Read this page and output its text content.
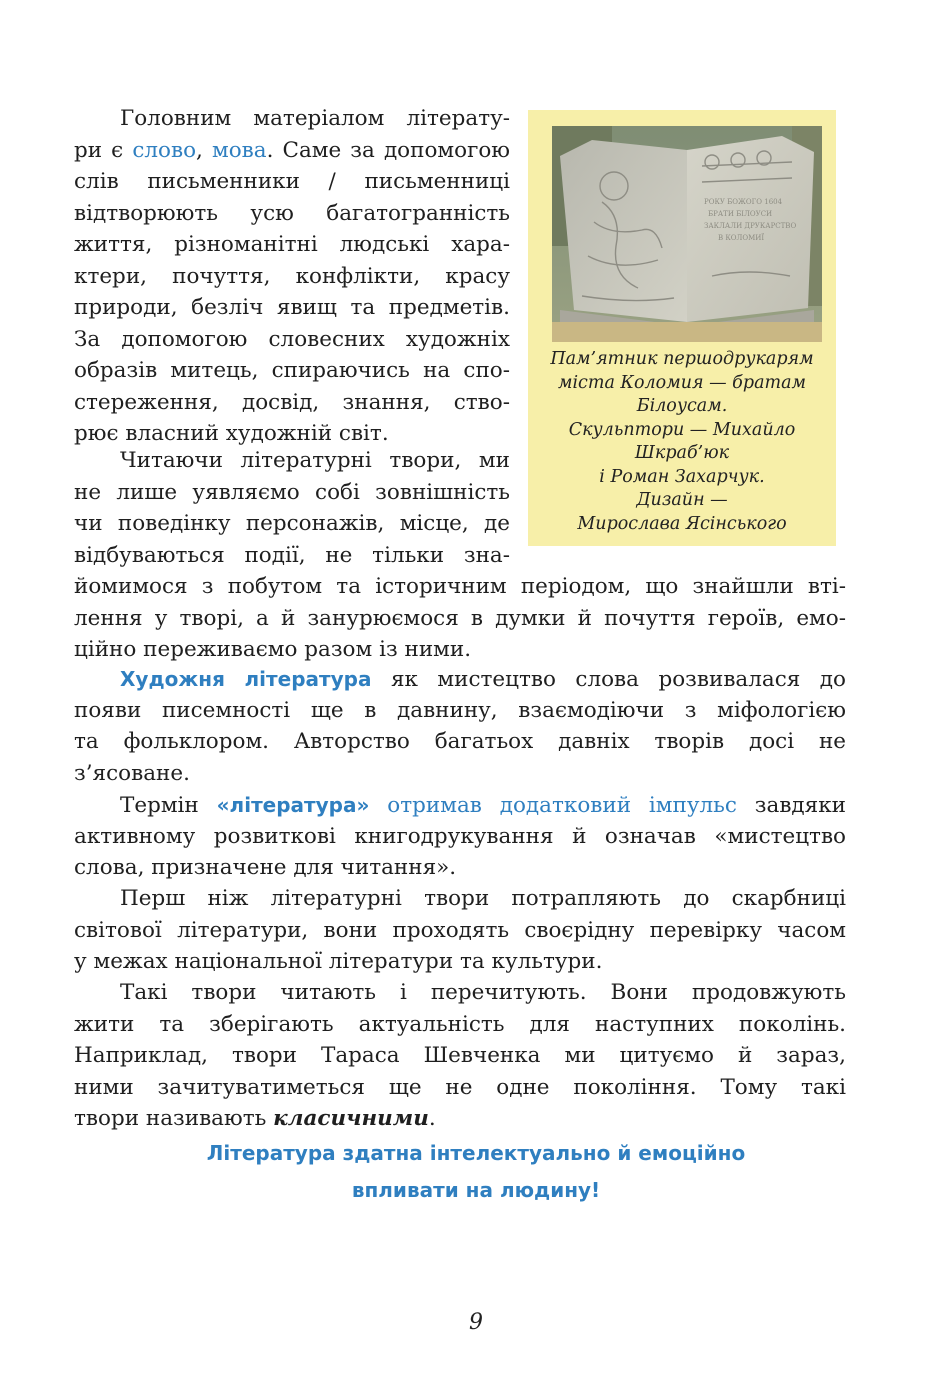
Головним матеріалом літерату-
ри є слово, мова. Саме за допомогою
слів письменники / письменниці
відтворюють усю багатогранність
життя, різноманітні людські хара-
ктери, почуття, конфлікти, красу
природи, безліч явищ та предметів.
За допомогою словесних художніх
образів митець, спираючись на спо-
стереження, досвід, знання, ство-
рює власний художній світ.
Читаючи літературні твори, ми
не лише уявляємо собі зовнішність
чи поведінку персонажів, місце, де
відбуваються події, не тільки зна-
йомимося з побутом та історичним періодом, що знайшли вті-
лення у творі, а й занурюємося в думки й почуття героїв, емо-
ційно переживаємо разом із ними.
Художня література як мистецтво слова розвивалася до
появи писемності ще в давнину, взаємодіючи з міфологією
та фольклором. Авторство багатьох давніх творів досі не
з’ясоване.
Термін «література» отримав додатковий імпульс завдяки
активному розвиткові книгодрукування й означав «мистецтво
слова, призначене для читання».
Перш ніж літературні твори потрапляють до скарбниці
світової літератури, вони проходять своєрідну перевірку часом
у межах національної літератури та культури.
Такі твори читають і перечитують. Вони продовжують
жити та зберігають актуальність для наступних поколінь.
Наприклад, твори Тараса Шевченка ми цитуємо й зараз,
ними зачитуватиметься ще не одне покоління. Тому такі
твори називають класичними.
РОКУ БОЖОГО 1604
БРАТИ БІЛОУСИ
ЗАКЛАЛИ ДРУКАРСТВО
В КОЛОМИЇ
Пам’ятник першодрукарям
міста Коломия — братам
Білоусам.
Скульптори — Михайло
Шкраб’юк
і Роман Захарчук.
Дизайн —
Мирослава Ясінського
Література здатна інтелектуально й емоційно
впливати на людину!
9
